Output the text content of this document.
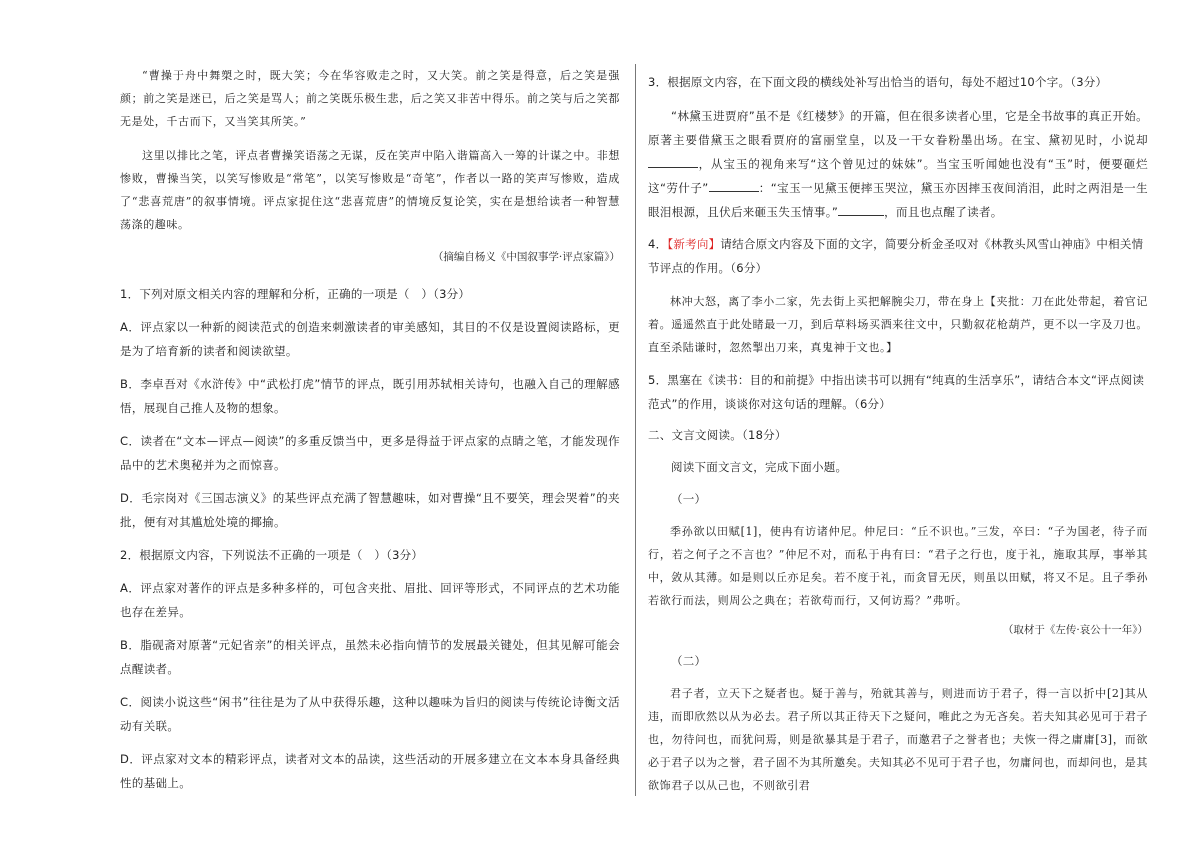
“曹操于舟中舞槊之时，既大笑；今在华容败走之时，又大笑。前之笑是得意，后之笑是强颜；前之笑是迷已，后之笑是骂人；前之笑既乐极生悲，后之笑又非苦中得乐。前之笑与后之笑都无是处，千古而下，又当笑其所笑。”

这里以排比之笔，评点者曹操笑语荡之无谋，反在笑声中陷入谐篇高入一筹的计谋之中。非想惨败，曹操当笑，以笑写惨败是“常笔”，以笑写惨败是“奇笔”，作者以一路的笑声写惨败，造成了“悲喜荒唐”的叙事情境。评点家捉住这“悲喜荒唐”的情境反复论笑，实在是想给读者一种智慧荡涤的趣味。

（摘编自杨义《中国叙事学·评点家篇》）

1．下列对原文相关内容的理解和分析，正确的一项是（　）（3分）

A．评点家以一种新的阅读范式的创造来刺激读者的审美感知，其目的不仅是设置阅读路标，更是为了培育新的读者和阅读欲望。

B．李卓吾对《水浒传》中“武松打虎”情节的评点，既引用苏轼相关诗句，也融入自己的理解感悟，展现自己推人及物的想象。

C．读者在“文本—评点—阅读”的多重反馈当中，更多是得益于评点家的点睛之笔，才能发现作品中的艺术奥秘并为之而惊喜。

D．毛宗岗对《三国志演义》的某些评点充满了智慧趣味，如对曹操“且不要笑，理会哭着”的夹批，便有对其尴尬处境的揶揄。

2．根据原文内容，下列说法不正确的一项是（　）（3分）

A．评点家对著作的评点是多种多样的，可包含夹批、眉批、回评等形式，不同评点的艺术功能也存在差异。

B．脂砚斋对原著“元妃省亲”的相关评点，虽然未必指向情节的发展最关键处，但其见解可能会点醒读者。

C．阅读小说这些“闲书”往往是为了从中获得乐趣，这种以趣味为旨归的阅读与传统论诗衡文活动有关联。

D．评点家对文本的精彩评点，读者对文本的品读，这些活动的开展多建立在文本本身具备经典性的基础上。

3．根据原文内容，在下面文段的横线处补写出恰当的语句，每处不超过10个字。（3分）

“林黛玉进贾府”虽不是《红楼梦》的开篇，但在很多读者心里，它是全书故事的真正开始。原著主要借黛玉之眼看贾府的富丽堂皇，以及一干女眷粉墨出场。在宝、黛初见时，小说却，从宝玉的视角来写“这个曾见过的妹妹”。当宝玉听闻她也没有“玉”时，便要砸烂这“劳什子”	：“宝玉一见黛玉便摔玉哭泣，黛玉亦因摔玉夜间消泪，此时之两泪是一生眼泪根源，且伏后来砸玉失玉情事。”	，而且也点醒了读者。

4．【新考向】请结合原文内容及下面的文字，简要分析金圣叹对《林教头风雪山神庙》中相关情节评点的作用。（6分）

林冲大怒，离了李小二家，先去街上买把解腕尖刀，带在身上【夹批：刀在此处带起，着官记着。遥遥然直于此处睹最一刀，到后草料场买酒来往文中，只勤叙花枪葫芦，更不以一字及刀也。直至杀陆谦时，忽然掣出刀来，真鬼神于文也。】

5．黑塞在《读书：目的和前提》中指出读书可以拥有“纯真的生活享乐”，请结合本文“评点阅读范式”的作用，谈谈你对这句话的理解。（6分）

二、文言文阅读。（18分）

阅读下面文言文，完成下面小题。

（一）

季孙欲以田赋[1]，使冉有访诸仲尼。仲尼曰：“丘不识也。”三发，卒曰：“子为国老，待子而行，若之何子之不言也？”仲尼不对，而私于冉有曰：“君子之行也，度于礼，施取其厚，事举其中，敛从其薄。如是则以丘亦足矣。若不度于礼，而贪冒无厌，则虽以田赋，将又不足。且子季孙若欲行而法，则周公之典在；若欲苟而行，又何访焉？”弗听。

（取材于《左传·哀公十一年》）

（二）

君子者，立天下之疑者也。疑于善与，殆就其善与，则进而访于君子，得一言以折中[2]其从违，而即欣然以从为必去。君子所以其正待天下之疑问，唯此之为无吝矣。若夫知其必见可于君子也，勿待问也，而犹问焉，则是欲暴其是于君子，而邀君子之誉者也；夫恢一得之庸庸[3]，而欲必于君子以为之誉，君子固不为其所邀矣。夫知其必不见可于君子也，勿庸问也，而却问也，是其欲饰君子以从己也，不则欲引君
